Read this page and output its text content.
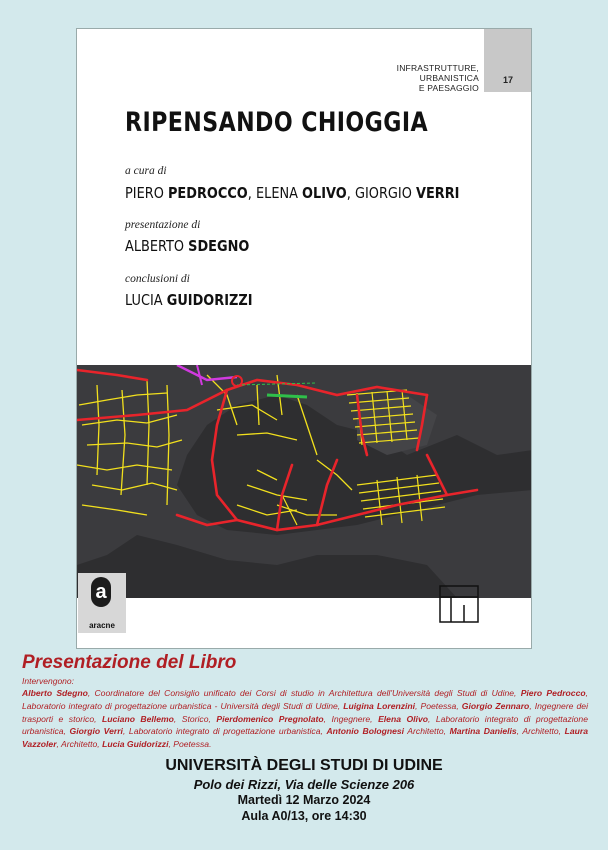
INFRASTRUTTURE, URBANISTICA
E PAESAGGIO
17
RIPENSANDO CHIOGGIA
a cura di
PIERO PEDROCCO, ELENA OLIVO, GIORGIO VERRI
presentazione di
ALBERTO SDEGNO
conclusioni di
LUCIA GUIDORIZZI
a
aracne
Presentazione del Libro
Intervengono:
Alberto Sdegno, Coordinatore del Consiglio unificato dei Corsi di studio in Architettura dell'Università degli Studi di Udine, Piero Pedrocco, Laboratorio integrato di progettazione urbanistica - Università degli Studi di Udine, Luigina Lorenzini, Poetessa, Giorgio Zennaro, Ingegnere dei trasporti e storico, Luciano Bellemo, Storico, Pierdomenico Pregnolato, Ingegnere, Elena Olivo, Laboratorio integrato di progettazione urbanistica, Giorgio Verri, Laboratorio integrato di progettazione urbanistica, Antonio Bolognesi Architetto, Martina Danielis, Architetto, Laura Vazzoler, Architetto, Lucia Guidorizzi, Poetessa.
UNIVERSITÀ DEGLI STUDI DI UDINE
Polo dei Rizzi, Via delle Scienze 206
Martedì 12 Marzo 2024
Aula A0/13, ore 14:30
